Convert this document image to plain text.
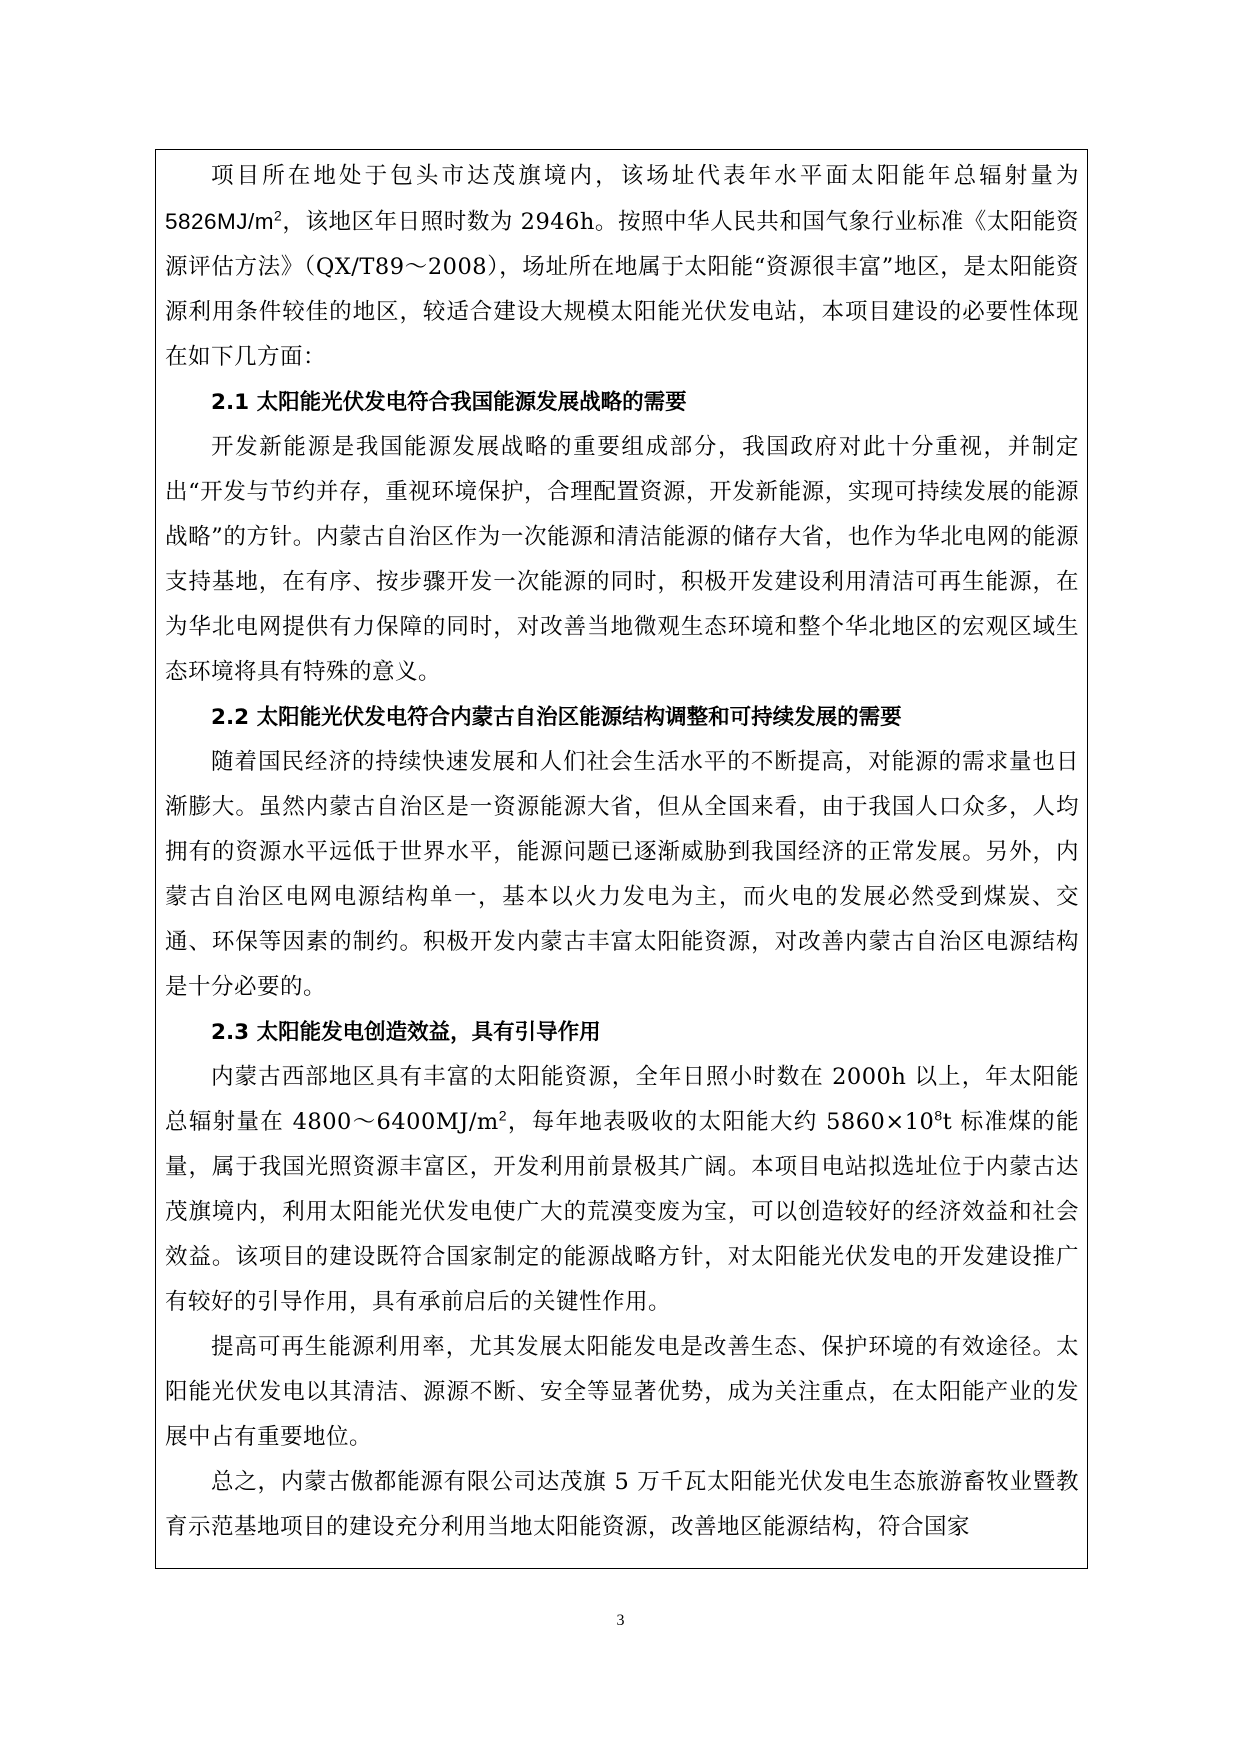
项目所在地处于包头市达茂旗境内，该场址代表年水平面太阳能年总辐射量为$5826MJ/m^2$，该地区年日照时数为 2946h。按照中华人民共和国气象行业标准《太阳能资源评估方法》（QX/T89～2008），场址所在地属于太阳能“资源很丰富”地区，是太阳能资源利用条件较佳的地区，较适合建设大规模太阳能光伏发电站，本项目建设的必要性体现在如下几方面：

2.1 太阳能光伏发电符合我国能源发展战略的需要

开发新能源是我国能源发展战略的重要组成部分，我国政府对此十分重视，并制定出“开发与节约并存，重视环境保护，合理配置资源，开发新能源，实现可持续发展的能源战略”的方针。内蒙古自治区作为一次能源和清洁能源的储存大省，也作为华北电网的能源支持基地，在有序、按步骤开发一次能源的同时，积极开发建设利用清洁可再生能源，在为华北电网提供有力保障的同时，对改善当地微观生态环境和整个华北地区的宏观区域生态环境将具有特殊的意义。

2.2 太阳能光伏发电符合内蒙古自治区能源结构调整和可持续发展的需要

随着国民经济的持续快速发展和人们社会生活水平的不断提高，对能源的需求量也日渐膨大。虽然内蒙古自治区是一资源能源大省，但从全国来看，由于我国人口众多，人均拥有的资源水平远低于世界水平，能源问题已逐渐威胁到我国经济的正常发展。另外，内蒙古自治区电网电源结构单一，基本以火力发电为主，而火电的发展必然受到煤炭、交通、环保等因素的制约。积极开发内蒙古丰富太阳能资源，对改善内蒙古自治区电源结构是十分必要的。

2.3 太阳能发电创造效益，具有引导作用

内蒙古西部地区具有丰富的太阳能资源，全年日照小时数在 2000h 以上，年太阳能总辐射量在 $4800\sim 6400MJ/m^2$，每年地表吸收的太阳能大约 $5860\times 10^8t$ 标准煤的能量，属于我国光照资源丰富区，开发利用前景极其广阔。本项目电站拟选址位于内蒙古达茂旗境内，利用太阳能光伏发电使广大的荒漠变废为宝，可以创造较好的经济效益和社会效益。该项目的建设既符合国家制定的能源战略方针，对太阳能光伏发电的开发建设推广有较好的引导作用，具有承前启后的关键性作用。

提高可再生能源利用率，尤其发展太阳能发电是改善生态、保护环境的有效途径。太阳能光伏发电以其清洁、源源不断、安全等显著优势，成为关注重点，在太阳能产业的发展中占有重要地位。

总之，内蒙古傲都能源有限公司达茂旗 5 万千瓦太阳能光伏发电生态旅游畜牧业暨教育示范基地项目的建设充分利用当地太阳能资源，改善地区能源结构，符合国家

3
